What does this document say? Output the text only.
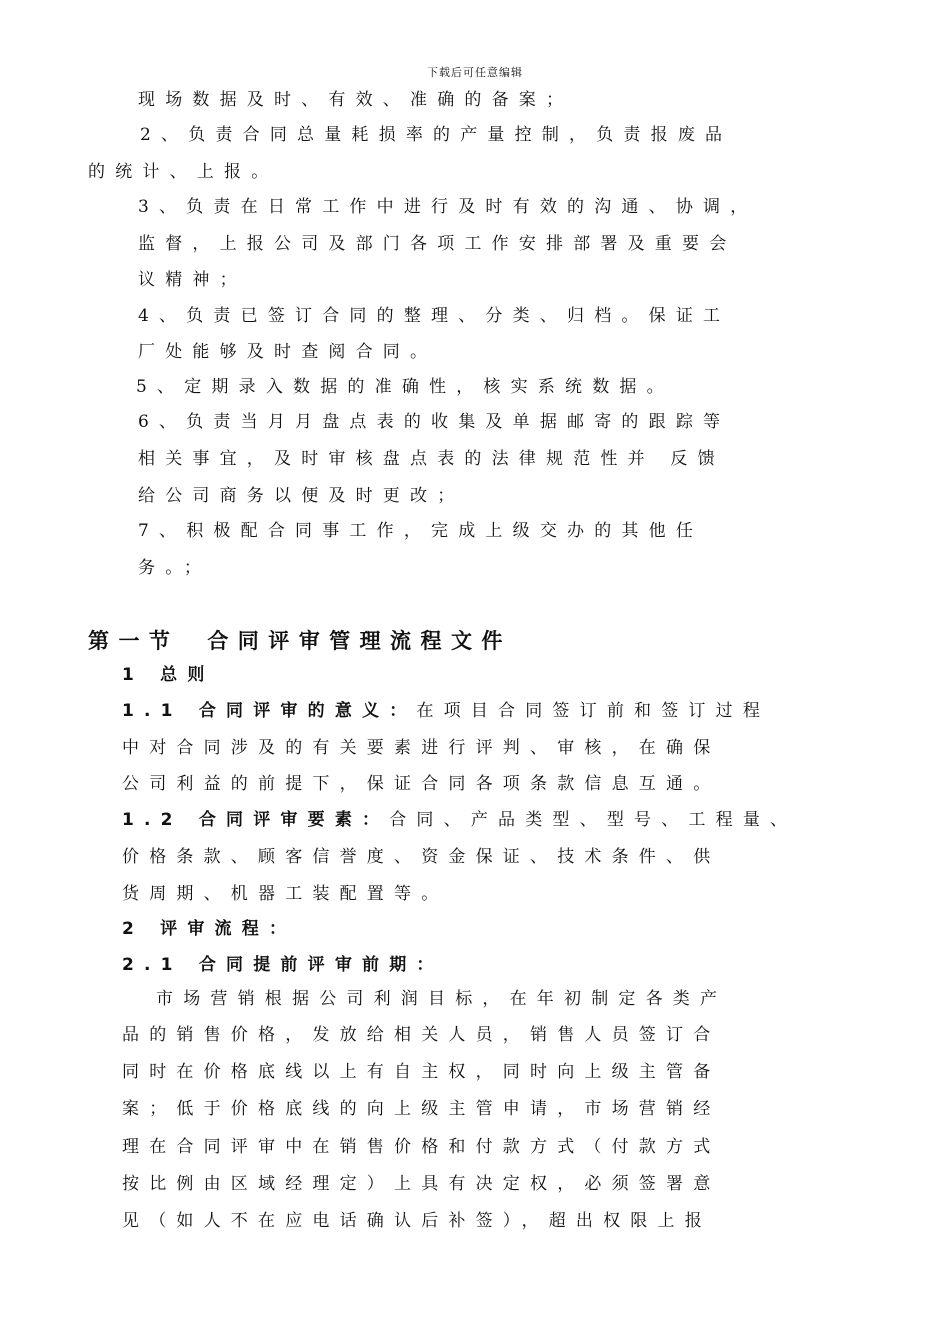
下载后可任意编辑
现场数据及时、有效、准确的备案；
2、负责合同总量耗损率的产量控制，负责报废品
的统计、上报。
3、负责在日常工作中进行及时有效的沟通、协调，
监督，上报公司及部门各项工作安排部署及重要会
议精神；
4、负责已签订合同的整理、分类、归档。保证工
厂处能够及时查阅合同。
5、定期录入数据的准确性，核实系统数据。
6、负责当月月盘点表的收集及单据邮寄的跟踪等
相关事宜，及时审核盘点表的法律规范性并 反馈
给公司商务以便及时更改；
7、积极配合同事工作，完成上级交办的其他任
务。；
第一节 合同评审管理流程文件
1 总则
1.1 合同评审的意义：在项目合同签订前和签订过程
中对合同涉及的有关要素进行评判、审核，在确保
公司利益的前提下，保证合同各项条款信息互通。
1.2 合同评审要素：合同、产品类型、型号、工程量、
价格条款、顾客信誉度、资金保证、技术条件、供
货周期、机器工装配置等。
2 评审流程：
2.1 合同提前评审前期：
市场营销根据公司利润目标，在年初制定各类产
品的销售价格，发放给相关人员，销售人员签订合
同时在价格底线以上有自主权，同时向上级主管备
案；低于价格底线的向上级主管申请，市场营销经
理在合同评审中在销售价格和付款方式（付款方式
按比例由区域经理定）上具有决定权，必须签署意
见（如人不在应电话确认后补签），超出权限上报
